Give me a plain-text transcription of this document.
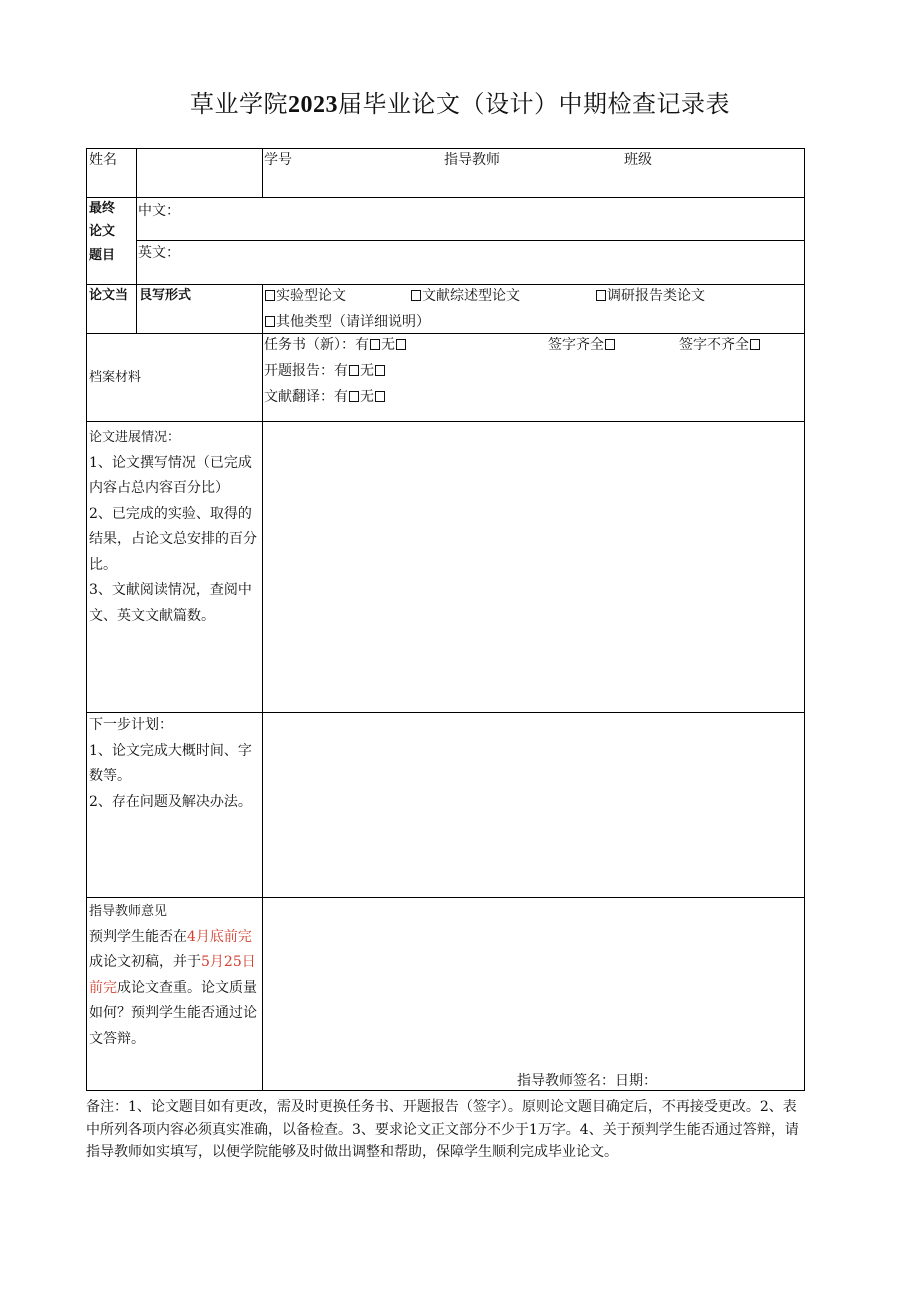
草业学院2023届毕业论文（设计）中期检查记录表
姓名	学号	指导教师	班级
最终
论文
题目
中文：
英文：
论文当 艮写形式	实验型论文	文献综述型论文	调研报告类论文
其他类型（请详细说明）
档案材料
任务书（新）：有 无	签字齐全	签字不齐全
开题报告：有 无
文献翻译：有 无
论文进展情况：
1、论文撰写情况（已完成内容占总内容百分比）
2、已完成的实验、取得的结果，占论文总安排的百分比。
3、文献阅读情况，查阅中文、英文文献篇数。
下一步计划：
1、论文完成大概时间、字数等。
2、存在问题及解决办法。
指导教师意见
预判学生能否在4月底前完成论文初稿，并于5月25日前完成论文查重。论文质量如何？预判学生能否通过论文答辩。
指导教师签名：日期：
备注：1、论文题目如有更改，需及时更换任务书、开题报告（签字）。原则论文题目确定后，不再接受更改。2、表中所列各项内容必须真实准确，以备检查。3、要求论文正文部分不少于1万字。4、关于预判学生能否通过答辩，请指导教师如实填写，以便学院能够及时做出调整和帮助，保障学生顺利完成毕业论文。
